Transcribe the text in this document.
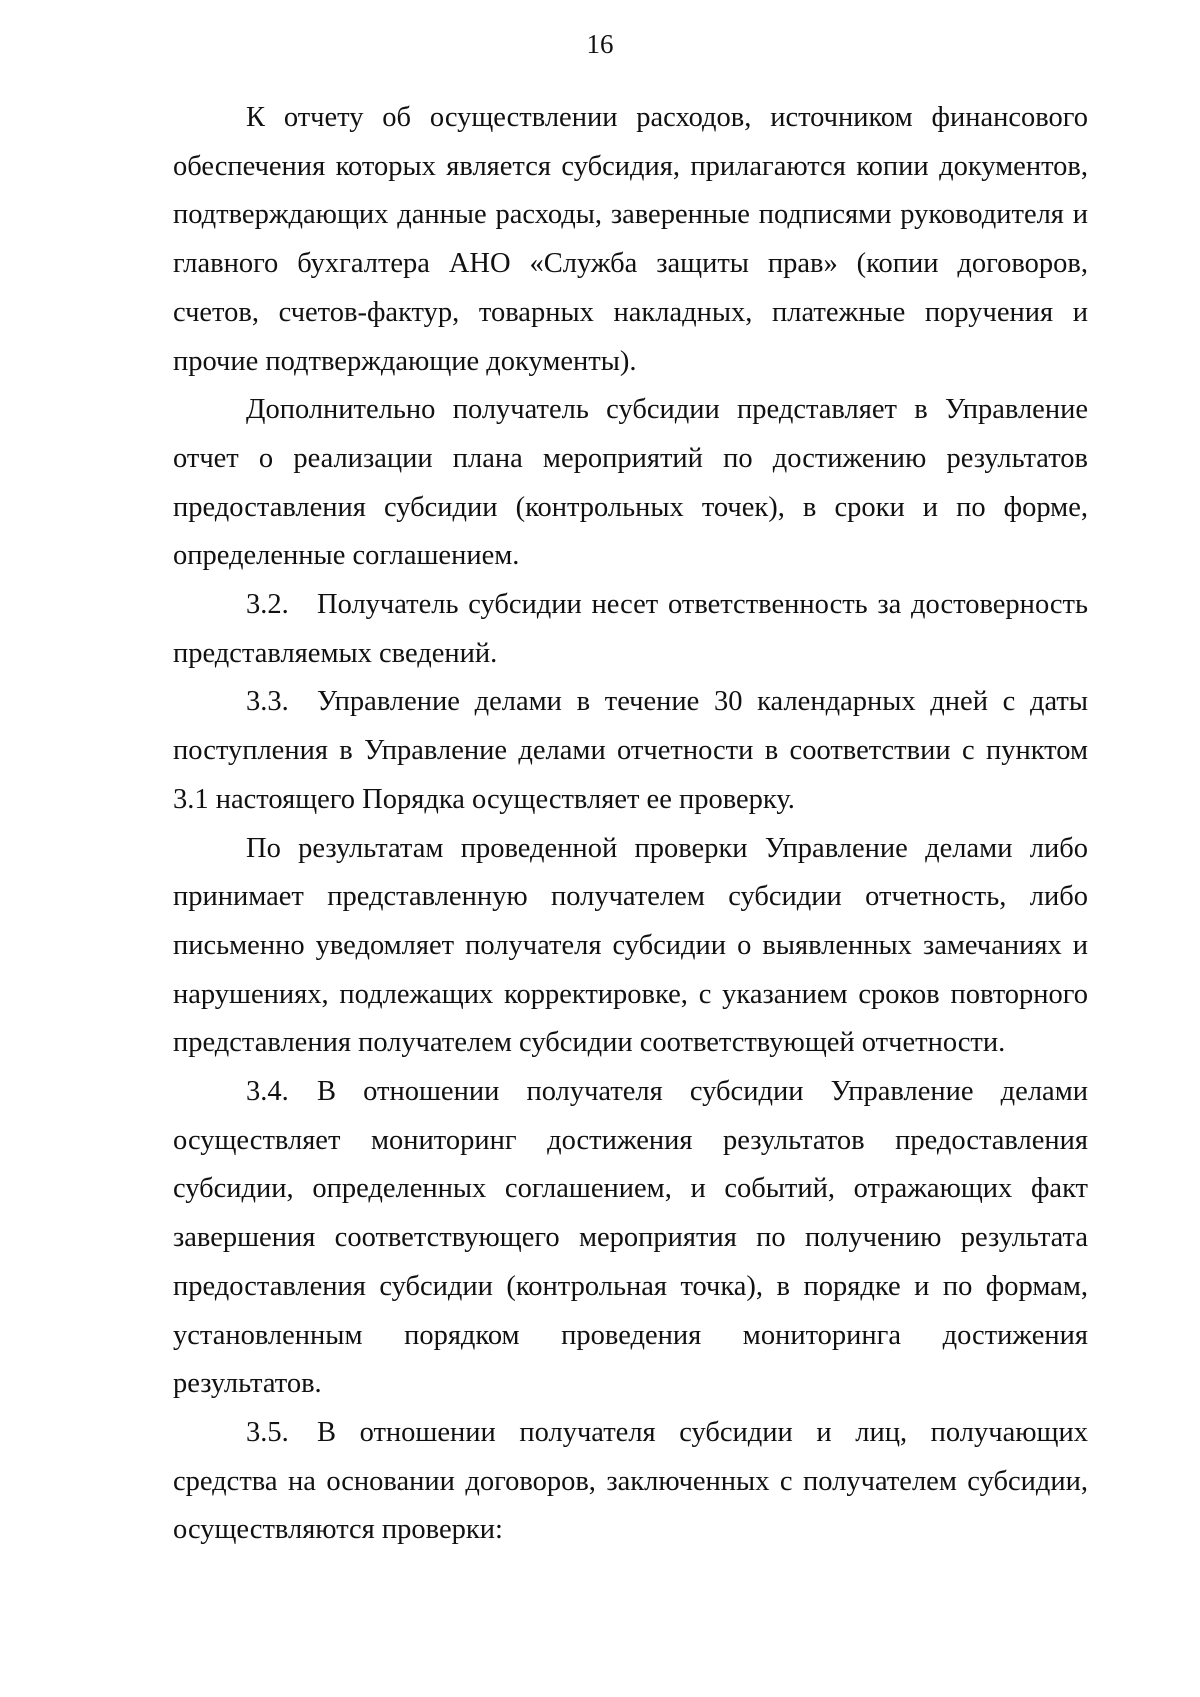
16

К отчету об осуществлении расходов, источником финансового обеспечения которых является субсидия, прилагаются копии документов, подтверждающих данные расходы, заверенные подписями руководителя и главного бухгалтера АНО «Служба защиты прав» (копии договоров, счетов, счетов-фактур, товарных накладных, платежные поручения и прочие подтверждающие документы).

Дополнительно получатель субсидии представляет в Управление отчет о реализации плана мероприятий по достижению результатов предоставления субсидии (контрольных точек), в сроки и по форме, определенные соглашением.

3.2. Получатель субсидии несет ответственность за достоверность представляемых сведений.

3.3. Управление делами в течение 30 календарных дней с даты поступления в Управление делами отчетности в соответствии с пунктом 3.1 настоящего Порядка осуществляет ее проверку.

По результатам проведенной проверки Управление делами либо принимает представленную получателем субсидии отчетность, либо письменно уведомляет получателя субсидии о выявленных замечаниях и нарушениях, подлежащих корректировке, с указанием сроков повторного представления получателем субсидии соответствующей отчетности.

3.4. В отношении получателя субсидии Управление делами осуществляет мониторинг достижения результатов предоставления субсидии, определенных соглашением, и событий, отражающих факт завершения соответствующего мероприятия по получению результата предоставления субсидии (контрольная точка), в порядке и по формам, установленным порядком проведения мониторинга достижения результатов.

3.5. В отношении получателя субсидии и лиц, получающих средства на основании договоров, заключенных с получателем субсидии, осуществляются проверки:
